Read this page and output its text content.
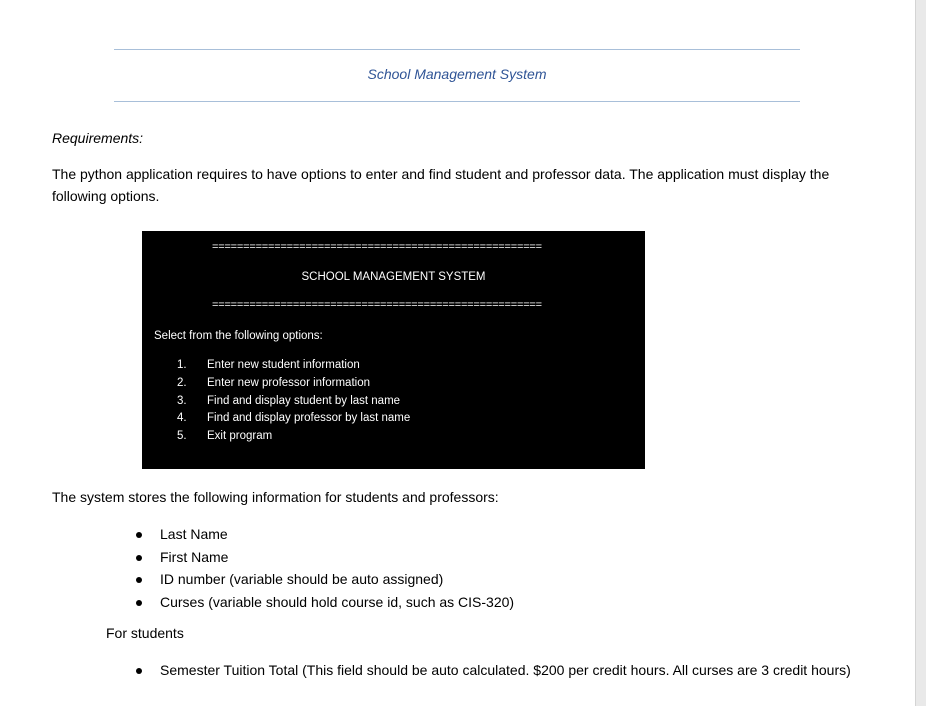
School Management System
Requirements:
The python application requires to have options to enter and find student and professor data. The application must display the following options.
=====================================================
SCHOOL MANAGEMENT SYSTEM
=====================================================
Select from the following options:
1. Enter new student information
2. Enter new professor information
3. Find and display student by last name
4. Find and display professor by last name
5. Exit program
The system stores the following information for students and professors:
Last Name
First Name
ID number (variable should be auto assigned)
Curses (variable should hold course id, such as CIS-320)
For students
Semester Tuition Total (This field should be auto calculated. $200 per credit hours. All curses are 3 credit hours)
